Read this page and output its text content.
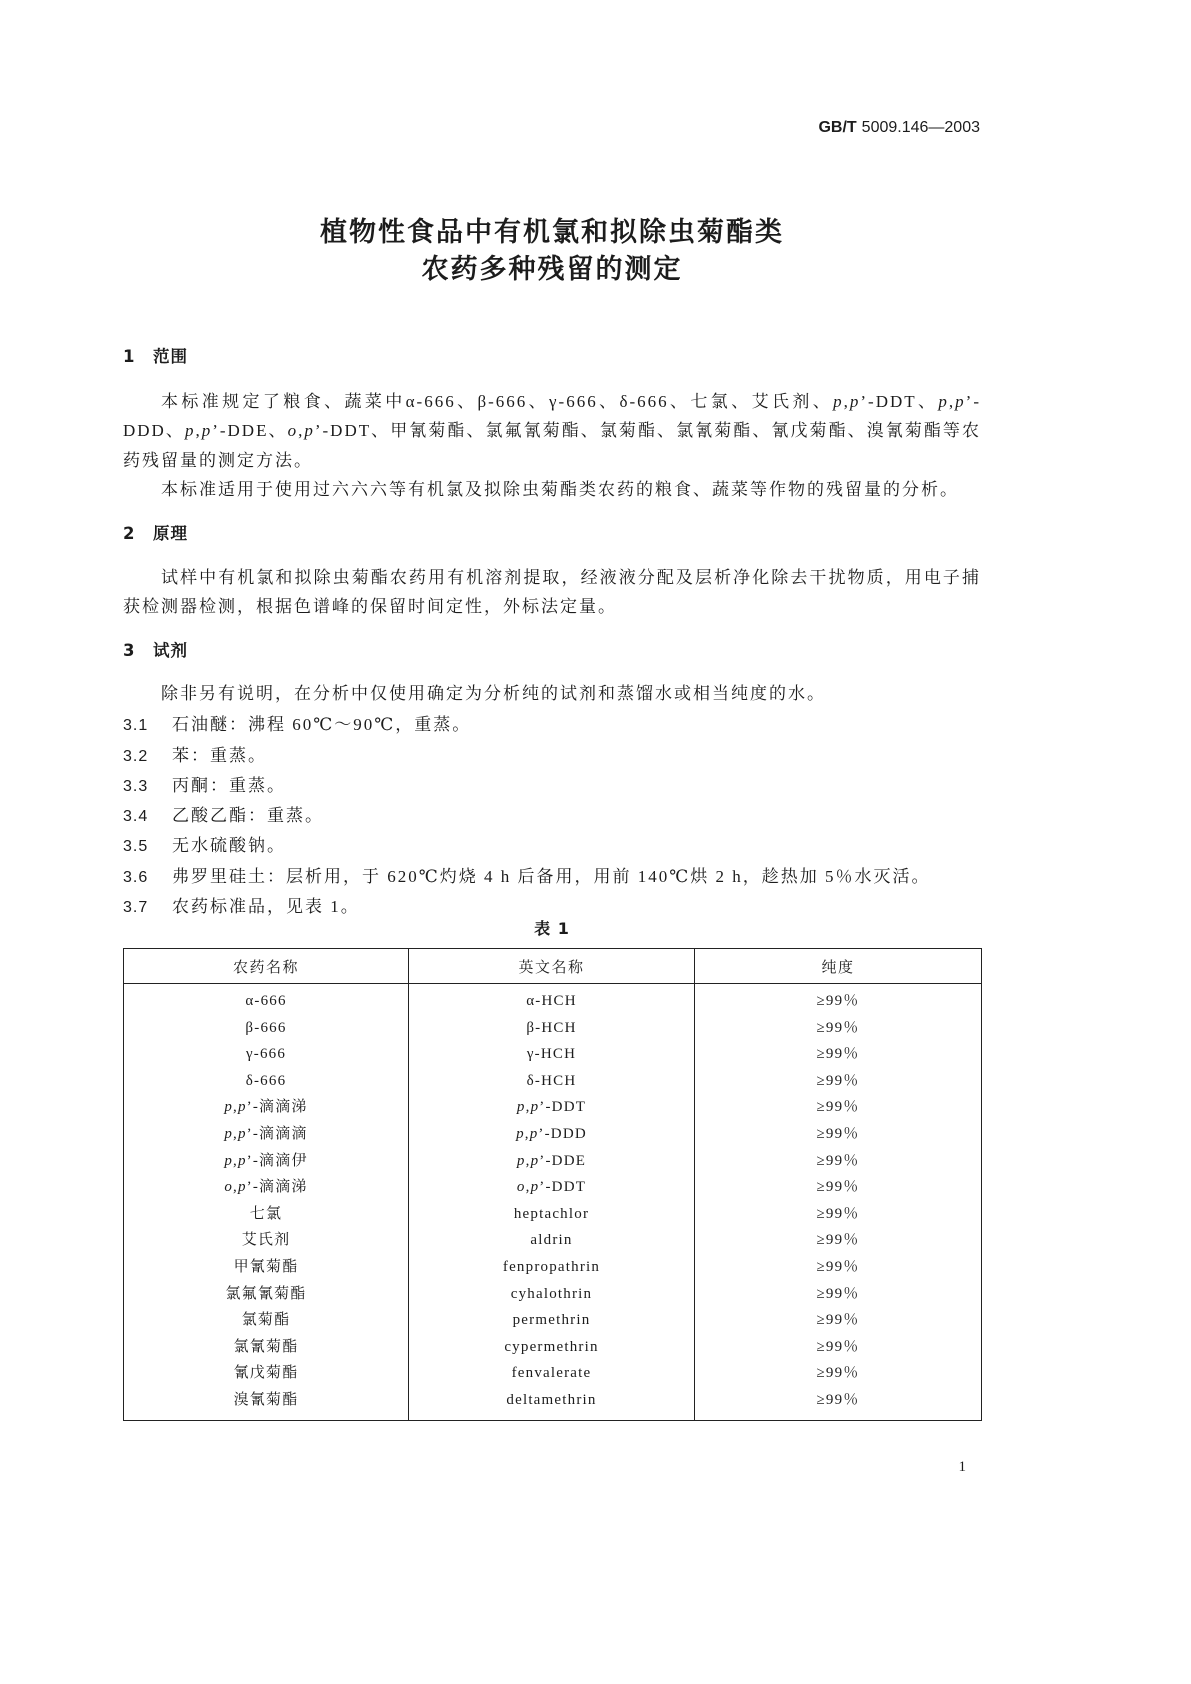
GB/T 5009.146—2003
植物性食品中有机氯和拟除虫菊酯类
农药多种残留的测定
1 范围

本标准规定了粮食、蔬菜中α-666、β-666、γ-666、δ-666、七氯、艾氏剂、p,p’-DDT、p,p’-DDD、p,p’-DDE、o,p’-DDT、甲氰菊酯、氯氟氰菊酯、氯菊酯、氯氰菊酯、氰戊菊酯、溴氰菊酯等农药残留量的测定方法。

本标准适用于使用过六六六等有机氯及拟除虫菊酯类农药的粮食、蔬菜等作物的残留量的分析。

2 原理

试样中有机氯和拟除虫菊酯农药用有机溶剂提取，经液液分配及层析净化除去干扰物质，用电子捕获检测器检测，根据色谱峰的保留时间定性，外标法定量。

3 试剂

除非另有说明，在分析中仅使用确定为分析纯的试剂和蒸馏水或相当纯度的水。

3.1 石油醚：沸程 60℃～90℃，重蒸。
3.2 苯：重蒸。
3.3 丙酮：重蒸。
3.4 乙酸乙酯：重蒸。
3.5 无水硫酸钠。
3.6 弗罗里硅土：层析用，于 620℃灼烧 4 h 后备用，用前 140℃烘 2 h，趁热加 5％水灭活。
3.7 农药标准品，见表 1。
表 1
农药名称	英文名称	纯度
α-666	α-HCH	≥99％
β-666	β-HCH	≥99％
γ-666	γ-HCH	≥99％
δ-666	δ-HCH	≥99％
p,p’-滴滴涕	p,p’-DDT	≥99％
p,p’-滴滴滴	p,p’-DDD	≥99％
p,p’-滴滴伊	p,p’-DDE	≥99％
o,p’-滴滴涕	o,p’-DDT	≥99％
七氯	heptachlor	≥99％
艾氏剂	aldrin	≥99％
甲氰菊酯	fenpropathrin	≥99％
氯氟氰菊酯	cyhalothrin	≥99％
氯菊酯	permethrin	≥99％
氯氰菊酯	cypermethrin	≥99％
氰戊菊酯	fenvalerate	≥99％
溴氰菊酯	deltamethrin	≥99％
1
